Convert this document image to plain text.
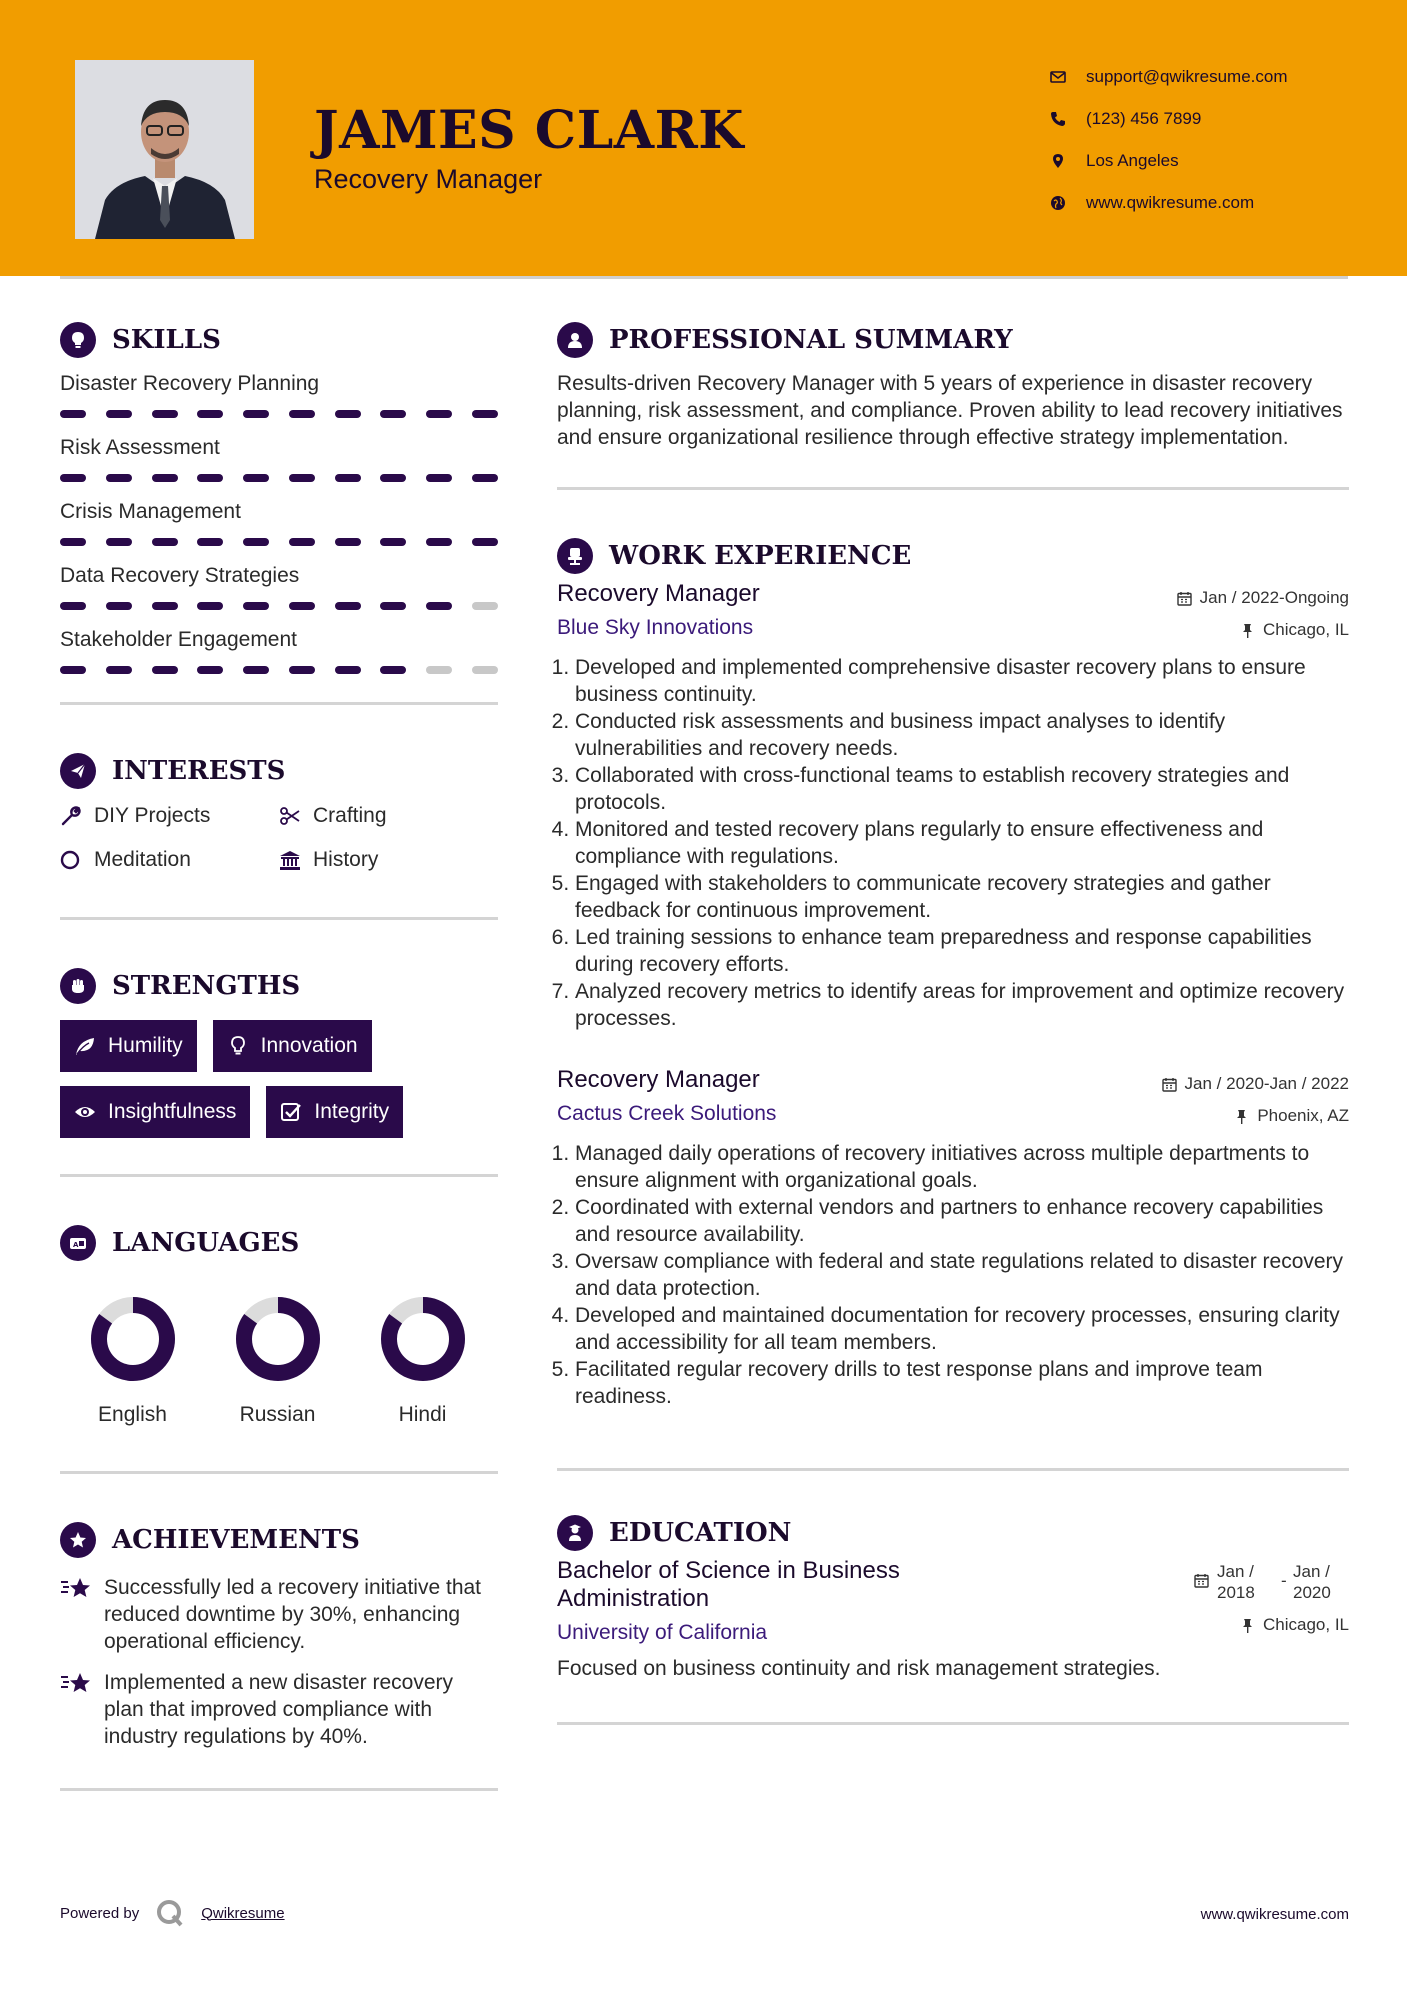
JAMES CLARK
Recovery Manager
support@qwikresume.com
(123) 456 7899
Los Angeles
www.qwikresume.com
SKILLS
Disaster Recovery Planning
Risk Assessment
Crisis Management
Data Recovery Strategies
Stakeholder Engagement
INTERESTS
DIY Projects	Crafting
Meditation	History
STRENGTHS
Humility	Innovation
Insightfulness	Integrity
A LANGUAGES
English	Russian	Hindi
ACHIEVEMENTS
Successfully led a recovery initiative that reduced downtime by 30%, enhancing operational efficiency.
Implemented a new disaster recovery plan that improved compliance with industry regulations by 40%.
PROFESSIONAL SUMMARY
Results-driven Recovery Manager with 5 years of experience in disaster recovery planning, risk assessment, and compliance. Proven ability to lead recovery initiatives and ensure organizational resilience through effective strategy implementation.
WORK EXPERIENCE
Recovery Manager
Blue Sky Innovations
Jan / 2022-Ongoing
Chicago, IL
1. Developed and implemented comprehensive disaster recovery plans to ensure business continuity.
2. Conducted risk assessments and business impact analyses to identify vulnerabilities and recovery needs.
3. Collaborated with cross-functional teams to establish recovery strategies and protocols.
4. Monitored and tested recovery plans regularly to ensure effectiveness and compliance with regulations.
5. Engaged with stakeholders to communicate recovery strategies and gather feedback for continuous improvement.
6. Led training sessions to enhance team preparedness and response capabilities during recovery efforts.
7. Analyzed recovery metrics to identify areas for improvement and optimize recovery processes.
Recovery Manager
Cactus Creek Solutions
Jan / 2020-Jan / 2022
Phoenix, AZ
1. Managed daily operations of recovery initiatives across multiple departments to ensure alignment with organizational goals.
2. Coordinated with external vendors and partners to enhance recovery capabilities and resource availability.
3. Oversaw compliance with federal and state regulations related to disaster recovery and data protection.
4. Developed and maintained documentation for recovery processes, ensuring clarity and accessibility for all team members.
5. Facilitated regular recovery drills to test response plans and improve team readiness.
EDUCATION
Bachelor of Science in Business Administration
University of California
Jan / 2018
- Jan / 2020
Chicago, IL
Focused on business continuity and risk management strategies.
Powered by	Qwikresume	www.qwikresume.com
